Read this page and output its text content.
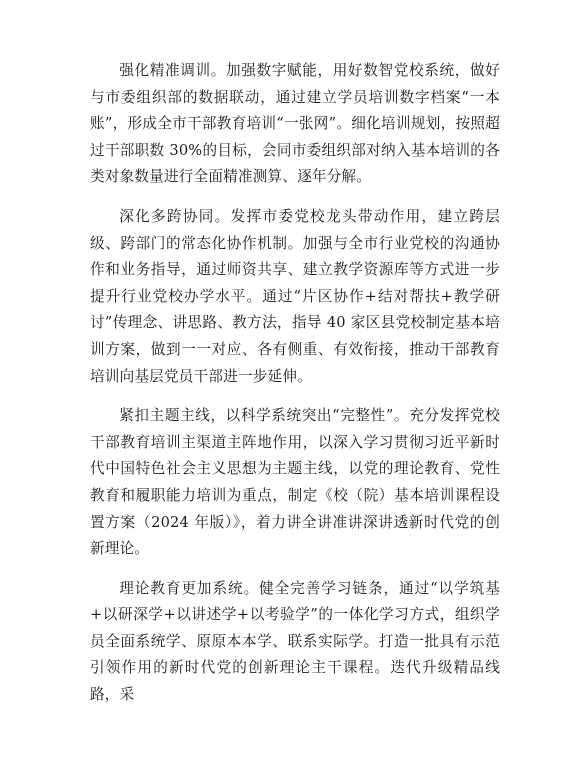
强化精准调训。加强数字赋能，用好数智党校系统，做好与市委组织部的数据联动，通过建立学员培训数字档案“一本账”，形成全市干部教育培训“一张网”。细化培训规划，按照超过干部职数 30%的目标，会同市委组织部对纳入基本培训的各类对象数量进行全面精准测算、逐年分解。

深化多跨协同。发挥市委党校龙头带动作用，建立跨层级、跨部门的常态化协作机制。加强与全市行业党校的沟通协作和业务指导，通过师资共享、建立教学资源库等方式进一步提升行业党校办学水平。通过“片区协作+结对帮扶+教学研讨”传理念、讲思路、教方法，指导 40 家区县党校制定基本培训方案，做到一一对应、各有侧重、有效衔接，推动干部教育培训向基层党员干部进一步延伸。

紧扣主题主线，以科学系统突出“完整性”。充分发挥党校干部教育培训主渠道主阵地作用，以深入学习贯彻习近平新时代中国特色社会主义思想为主题主线，以党的理论教育、党性教育和履职能力培训为重点，制定《校（院）基本培训课程设置方案（2024 年版）》，着力讲全讲准讲深讲透新时代党的创新理论。

理论教育更加系统。健全完善学习链条，通过“以学筑基+以研深学+以讲述学+以考验学”的一体化学习方式，组织学员全面系统学、原原本本学、联系实际学。打造一批具有示范引领作用的新时代党的创新理论主干课程。迭代升级精品线路，采
